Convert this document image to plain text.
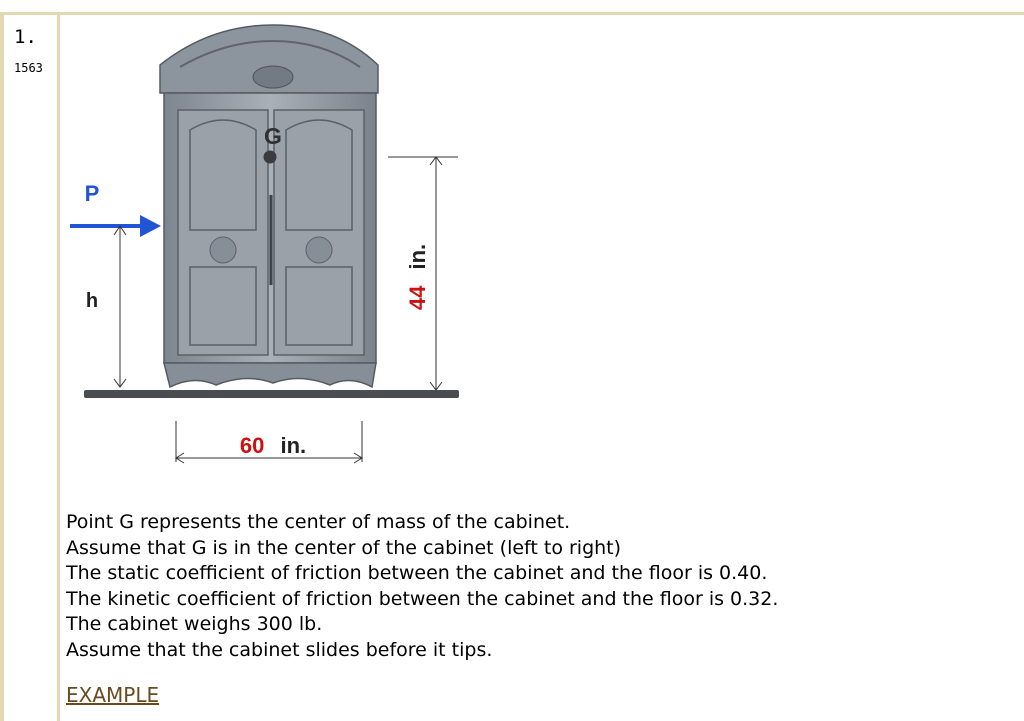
1.
1563
G
P
h	44 in.
60 in.
Point G represents the center of mass of the cabinet.
Assume that G is in the center of the cabinet (left to right)
The static coefficient of friction between the cabinet and the floor is 0.40.
The kinetic coefficient of friction between the cabinet and the floor is 0.32.
The cabinet weighs 300 lb.
Assume that the cabinet slides before it tips.
EXAMPLE
